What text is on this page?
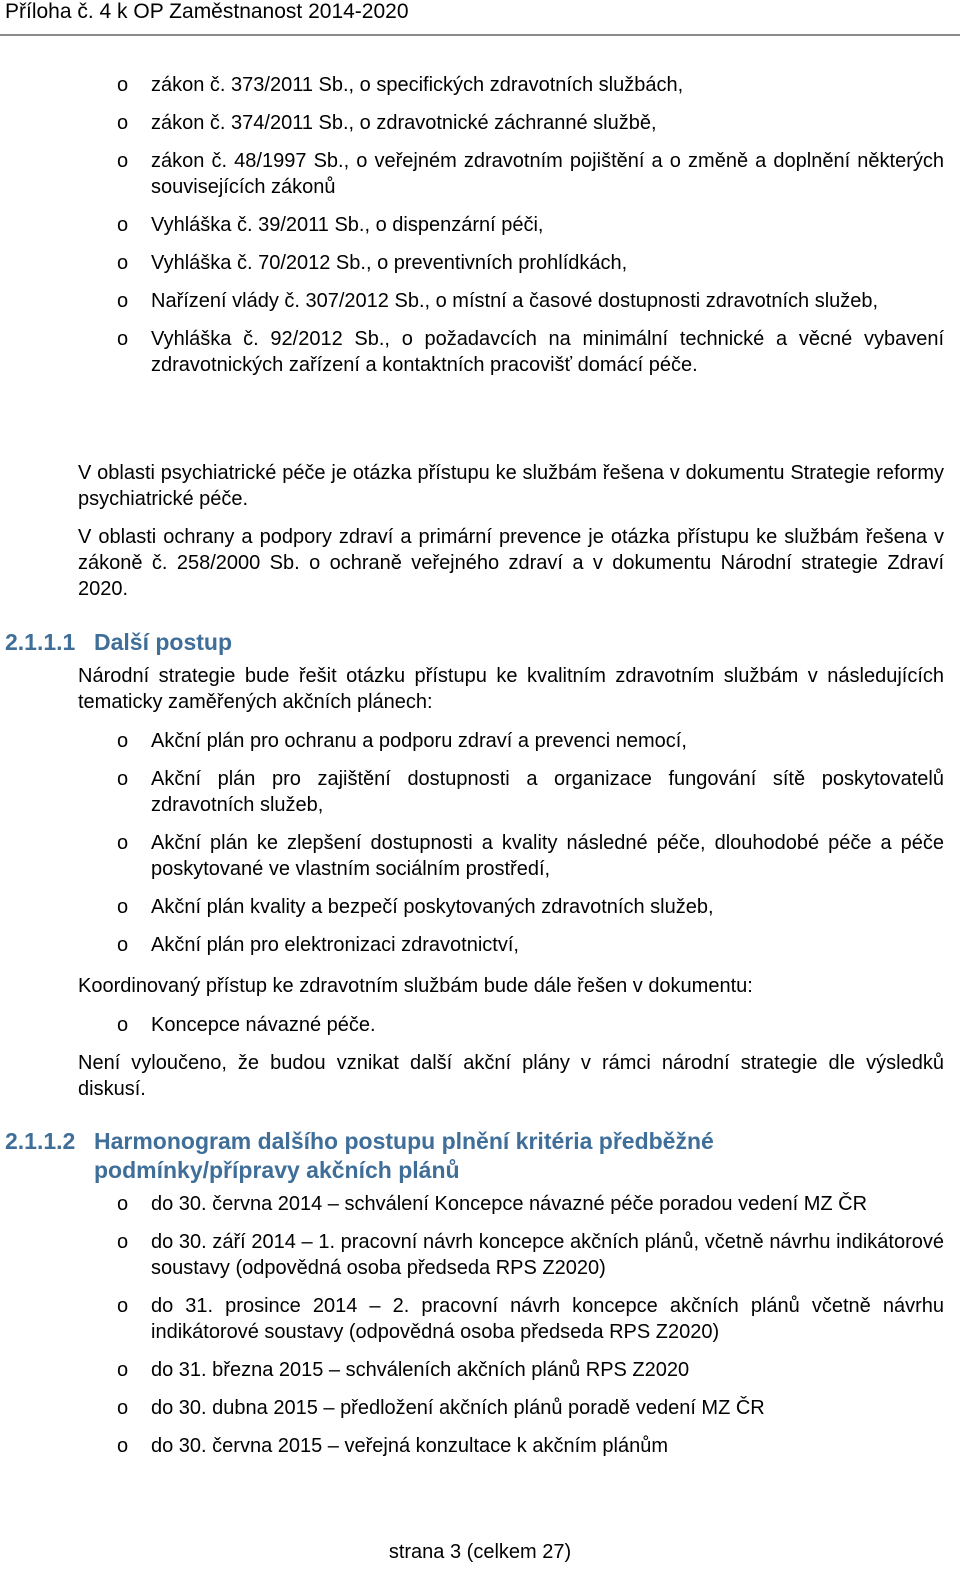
Příloha č. 4 k OP Zaměstnanost 2014-2020
o zákon č. 373/2011 Sb., o specifických zdravotních službách,
o zákon č. 374/2011 Sb., o zdravotnické záchranné službě,
o zákon č. 48/1997 Sb., o veřejném zdravotním pojištění a o změně a doplnění některých souvisejících zákonů
o Vyhláška č. 39/2011 Sb., o dispenzární péči,
o Vyhláška č. 70/2012 Sb., o preventivních prohlídkách,
o Nařízení vlády č. 307/2012 Sb., o místní a časové dostupnosti zdravotních služeb,
o Vyhláška č. 92/2012 Sb., o požadavcích na minimální technické a věcné vybavení zdravotnických zařízení a kontaktních pracovišť domácí péče.

V oblasti psychiatrické péče je otázka přístupu ke službám řešena v dokumentu Strategie reformy psychiatrické péče.

V oblasti ochrany a podpory zdraví a primární prevence je otázka přístupu ke službám řešena v zákoně č. 258/2000 Sb. o ochraně veřejného zdraví a v dokumentu Národní strategie Zdraví 2020.

2.1.1.1 Další postup

Národní strategie bude řešit otázku přístupu ke kvalitním zdravotním službám v následujících tematicky zaměřených akčních plánech:

o Akční plán pro ochranu a podporu zdraví a prevenci nemocí,
o Akční plán pro zajištění dostupnosti a organizace fungování sítě poskytovatelů zdravotních služeb,
o Akční plán ke zlepšení dostupnosti a kvality následné péče, dlouhodobé péče a péče poskytované ve vlastním sociálním prostředí,
o Akční plán kvality a bezpečí poskytovaných zdravotních služeb,
o Akční plán pro elektronizaci zdravotnictví,

Koordinovaný přístup ke zdravotním službám bude dále řešen v dokumentu:

o Koncepce návazné péče.

Není vyloučeno, že budou vznikat další akční plány v rámci národní strategie dle výsledků diskusí.

2.1.1.2 Harmonogram dalšího postupu plnění kritéria předběžné
podmínky/přípravy akčních plánů
o do 30. června 2014 – schválení Koncepce návazné péče poradou vedení MZ ČR
o do 30. září 2014 – 1. pracovní návrh koncepce akčních plánů, včetně návrhu indikátorové soustavy (odpovědná osoba předseda RPS Z2020)
o do 31. prosince 2014 – 2. pracovní návrh koncepce akčních plánů včetně návrhu indikátorové soustavy (odpovědná osoba předseda RPS Z2020)
o do 31. března 2015 – schváleních akčních plánů RPS Z2020
o do 30. dubna 2015 – předložení akčních plánů poradě vedení MZ ČR
o do 30. června 2015 – veřejná konzultace k akčním plánům
strana 3 (celkem 27)
